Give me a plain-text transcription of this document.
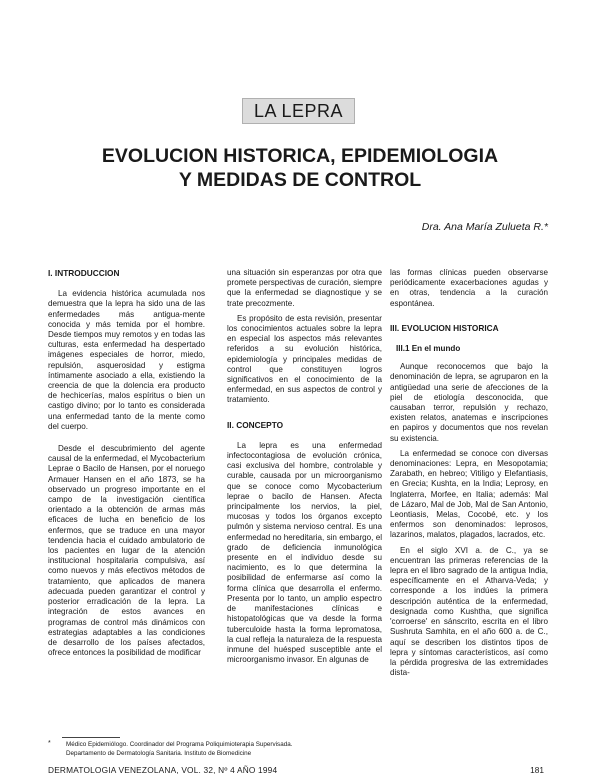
LA LEPRA
EVOLUCION HISTORICA, EPIDEMIOLOGIA
Y MEDIDAS DE CONTROL
Dra. Ana María Zulueta R.*
I. INTRODUCCION

La evidencia histórica acumulada nos demuestra que la lepra ha sido una de las enfermedades más antigua-mente conocida y más temida por el hombre. Desde tiempos muy remotos y en todas las culturas, esta enfermedad ha despertado imágenes especiales de horror, miedo, repulsión, asquerosidad y estigma íntimamente asociado a ella, existiendo la creencia de que la dolencia era producto de hechicerías, malos espíritus o bien un castigo divino; por lo tanto es considerada una enfermedad tanto de la mente como del cuerpo.

Desde el descubrimiento del agente causal de la enfermedad, el Mycobacterium Leprae o Bacilo de Hansen, por el noruego Armauer Hansen en el año 1873, se ha observado un progreso importante en el campo de la investigación científica orientado a la obtención de armas más eficaces de lucha en beneficio de los enfermos, que se traduce en una mayor tendencia hacia el cuidado ambulatorio de los pacientes en lugar de la atención institucional hospitalaria compulsiva, así como nuevos y más efectivos métodos de tratamiento, que aplicados de manera adecuada pueden garantizar el control y posterior erradicación de la lepra. La integración de estos avances en programas de control más dinámicos con estrategias adaptables a las condiciones de desarrollo de los países afectados, ofrece entonces la posibilidad de modificar

una situación sin esperanzas por otra que promete perspectivas de curación, siempre que la enfermedad se diagnostique y se trate precozmente.

Es propósito de esta revisión, presentar los conocimientos actuales sobre la lepra en especial los aspectos más relevantes referidos a su evolución histórica, epidemiología y principales medidas de control que constituyen logros significativos en el conocimiento de la enfermedad, en sus aspectos de control y tratamiento.

II. CONCEPTO

La lepra es una enfermedad infectocontagiosa de evolución crónica, casi exclusiva del hombre, controlable y curable, causada por un microorganismo que se conoce como Mycobacterium leprae o bacilo de Hansen. Afecta principalmente los nervios, la piel, mucosas y todos los órganos excepto pulmón y sistema nervioso central. Es una enfermedad no hereditaria, sin embargo, el grado de deficiencia inmunológica presente en el individuo desde su nacimiento, es lo que determina la posibilidad de enfermarse así como la forma clínica que desarrolla el enfermo. Presenta por lo tanto, un amplio espectro de manifestaciones clínicas e histopatológicas que va desde la forma tuberculoide hasta la forma lepromatosa, la cual refleja la naturaleza de la respuesta inmune del huésped susceptible ante el microorganismo invasor. En algunas de

las formas clínicas pueden observarse periódicamente exacerbaciones agudas y en otras, tendencia a la curación espontánea.

III. EVOLUCION HISTORICA
III.1 En el mundo

Aunque reconocemos que bajo la denominación de lepra, se agruparon en la antigüedad una serie de afecciones de la piel de etiología desconocida, que causaban terror, repulsión y rechazo, existen relatos, anatemas e inscripciones en papiros y documentos que nos revelan su existencia.

La enfermedad se conoce con diversas denominaciones: Lepra, en Mesopotamia; Zarabath, en hebreo; Vitiligo y Elefantiasis, en Grecia; Kushta, en la India; Leprosy, en Inglaterra, Morfee, en Italia; además: Mal de Lázaro, Mal de Job, Mal de San Antonio, Leontiasis, Melas, Cocobé, etc. y los enfermos son denominados: leprosos, lazarinos, malatos, plagados, lacrados, etc.

En el siglo XVI a. de C., ya se encuentran las primeras referencias de la lepra en el libro sagrado de la antigua India, específicamente en el Atharva-Veda; y corresponde a los indúes la primera descripción auténtica de la enfermedad, designada como Kushtha, que significa 'corroerse' en sánscrito, escrita en el libro Sushruta Samhita, en el año 600 a. de C., aquí se describen los distintos tipos de lepra y síntomas característicos, así como la pérdida progresiva de las extremidades dista-

* Médico Epidemiólogo. Coordinador del Programa Poliquimioterapia Supervisada.
Departamento de Dermatología Sanitaria. Instituto de Biomedicine
DERMATOLOGIA VENEZOLANA, VOL. 32, Nº 4 AÑO 1994	181
